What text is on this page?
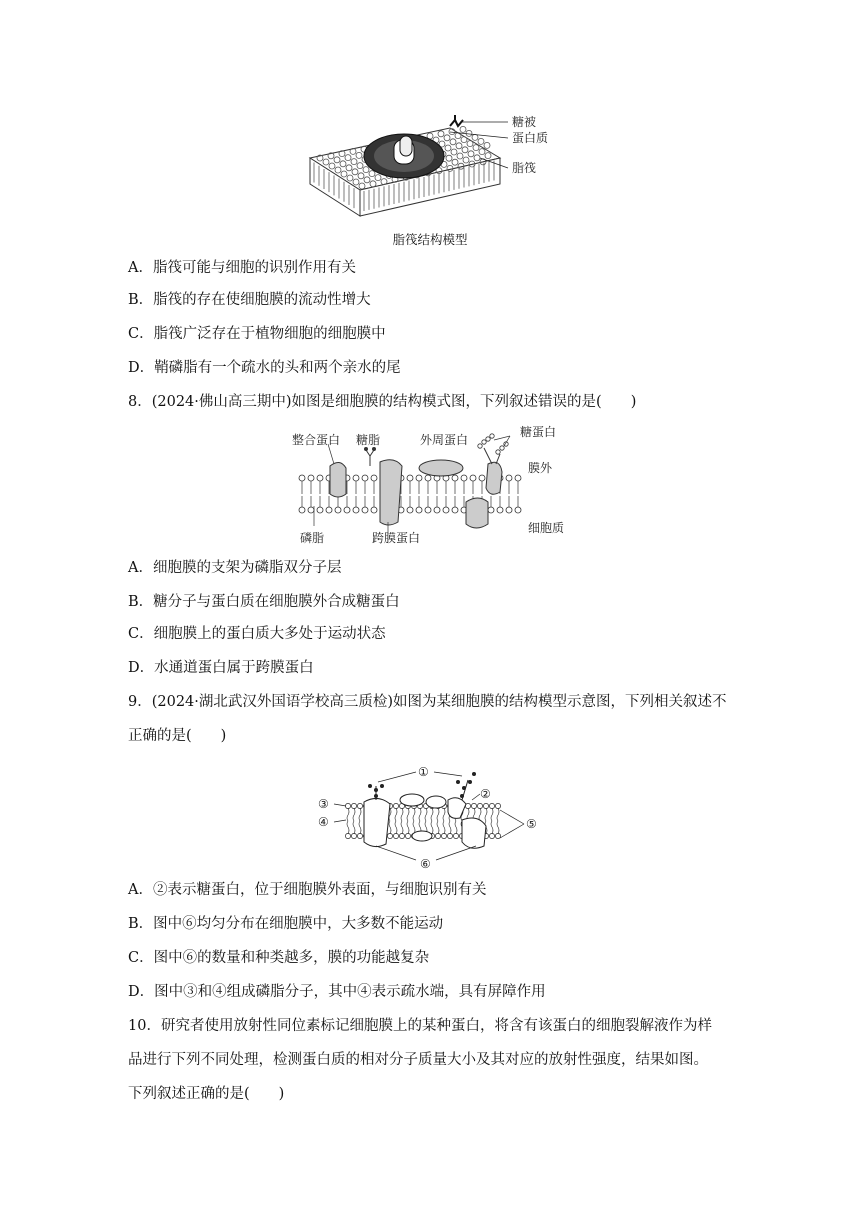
糖被
蛋白质
脂筏
脂筏结构模型
A．脂筏可能与细胞的识别作用有关
B．脂筏的存在使细胞膜的流动性增大
C．脂筏广泛存在于植物细胞的细胞膜中
D．鞘磷脂有一个疏水的头和两个亲水的尾
8．(2024·佛山高三期中)如图是细胞膜的结构模式图，下列叙述错误的是(　　)
整合蛋白 糖脂	外周蛋白
糖蛋白
膜外
磷脂	跨膜蛋白
细胞质
A．细胞膜的支架为磷脂双分子层
B．糖分子与蛋白质在细胞膜外合成糖蛋白
C．细胞膜上的蛋白质大多处于运动状态
D．水通道蛋白属于跨膜蛋白
9．(2024·湖北武汉外国语学校高三质检)如图为某细胞膜的结构模型示意图，下列相关叙述不
正确的是(　　)
①
②
③
④	⑤
⑥
A．②表示糖蛋白，位于细胞膜外表面，与细胞识别有关
B．图中⑥均匀分布在细胞膜中，大多数不能运动
C．图中⑥的数量和种类越多，膜的功能越复杂
D．图中③和④组成磷脂分子，其中④表示疏水端，具有屏障作用
10．研究者使用放射性同位素标记细胞膜上的某种蛋白，将含有该蛋白的细胞裂解液作为样
品进行下列不同处理，检测蛋白质的相对分子质量大小及其对应的放射性强度，结果如图。
下列叙述正确的是(　　)
